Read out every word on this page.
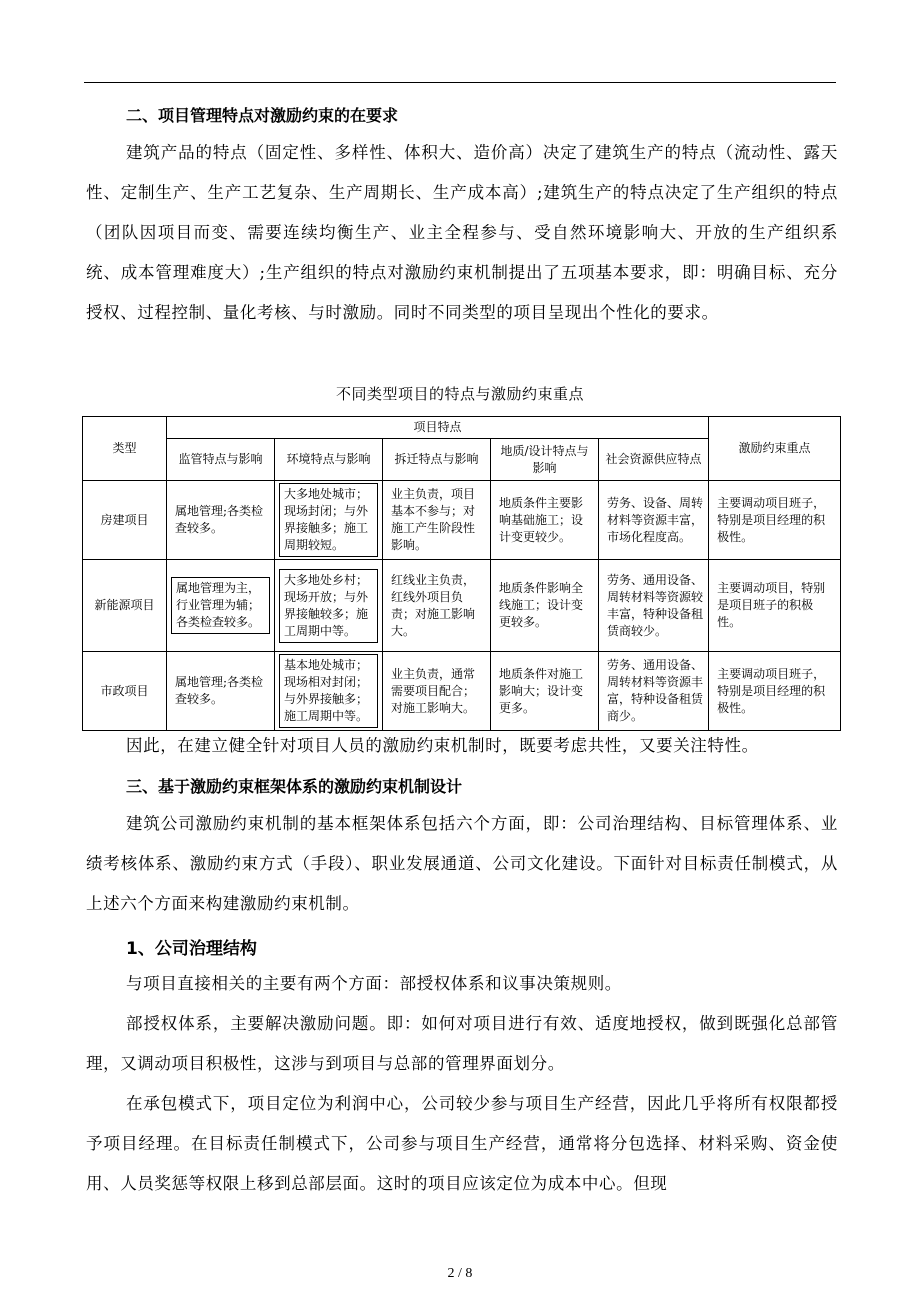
二、项目管理特点对激励约束的在要求
建筑产品的特点（固定性、多样性、体积大、造价高）决定了建筑生产的特点（流动性、露天性、定制生产、生产工艺复杂、生产周期长、生产成本高）;建筑生产的特点决定了生产组织的特点（团队因项目而变、需要连续均衡生产、业主全程参与、受自然环境影响大、开放的生产组织系统、成本管理难度大）;生产组织的特点对激励约束机制提出了五项基本要求，即：明确目标、充分授权、过程控制、量化考核、与时激励。同时不同类型的项目呈现出个性化的要求。
不同类型项目的特点与激励约束重点
类型	项目特点					激励约束重点
	监管特点与影响	环境特点与影响	拆迁特点与影响	地质/设计特点与影响	社会资源供应特点	
房建项目	属地管理;各类检查较多。	大多地处城市；现场封闭；与外界接触多；施工周期较短。	业主负责，项目基本不参与；对施工产生阶段性影响。	地质条件主要影响基础施工；设计变更较少。	劳务、设备、周转材料等资源丰富，市场化程度高。	主要调动项目班子，特别是项目经理的积极性。

新能源项目	属地管理为主，行业管理为辅；各类检查较多。	大多地处乡村；现场开放；与外界接触较多；施工周期中等。	红线业主负责，红线外项目负责；对施工影响大。	地质条件影响全线施工；设计变更较多。	劳务、通用设备、周转材料等资源较丰富，特种设备租赁商较少。	主要调动项目，特别是项目班子的积极性。

市政项目	属地管理;各类检查较多。	基本地处城市；现场相对封闭；与外界接触多；施工周期中等。	业主负责，通常需要项目配合；对施工影响大。	地质条件对施工影响大；设计变更多。	劳务、通用设备、周转材料等资源丰富，特种设备租赁商少。	主要调动项目班子，特别是项目经理的积极性。
因此，在建立健全针对项目人员的激励约束机制时，既要考虑共性，又要关注特性。
三、基于激励约束框架体系的激励约束机制设计
建筑公司激励约束机制的基本框架体系包括六个方面，即：公司治理结构、目标管理体系、业绩考核体系、激励约束方式（手段）、职业发展通道、公司文化建设。下面针对目标责任制模式，从上述六个方面来构建激励约束机制。
1、公司治理结构
与项目直接相关的主要有两个方面：部授权体系和议事决策规则。
部授权体系，主要解决激励问题。即：如何对项目进行有效、适度地授权，做到既强化总部管理，又调动项目积极性，这涉与到项目与总部的管理界面划分。
在承包模式下，项目定位为利润中心，公司较少参与项目生产经营，因此几乎将所有权限都授予项目经理。在目标责任制模式下，公司参与项目生产经营，通常将分包选择、材料采购、资金使用、人员奖惩等权限上移到总部层面。这时的项目应该定位为成本中心。但现
2 / 8
